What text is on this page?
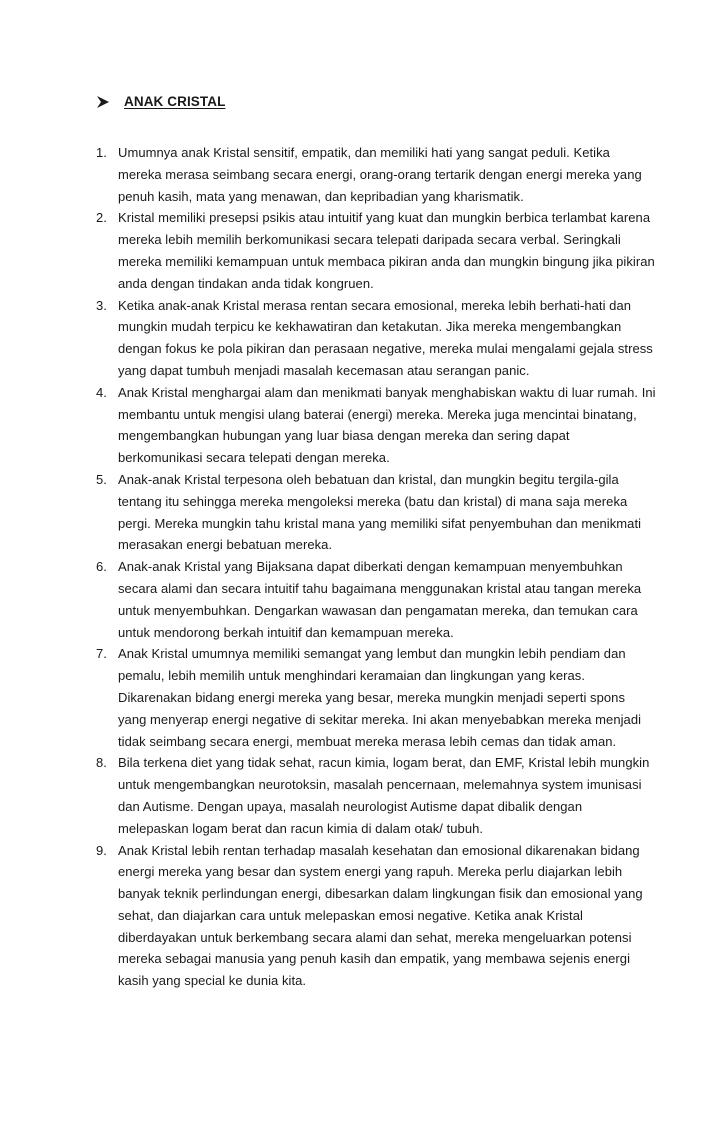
ANAK CRISTAL
1. Umumnya anak Kristal sensitif, empatik, dan memiliki hati yang sangat peduli. Ketika mereka merasa seimbang secara energi, orang-orang tertarik dengan energi mereka yang penuh kasih, mata yang menawan, dan kepribadian yang kharismatik.
2. Kristal memiliki presepsi psikis atau intuitif yang kuat dan mungkin berbica terlambat karena mereka lebih memilih berkomunikasi secara telepati daripada secara verbal. Seringkali mereka memiliki kemampuan untuk membaca pikiran anda dan mungkin bingung jika pikiran anda dengan tindakan anda tidak kongruen.
3. Ketika anak-anak Kristal merasa rentan secara emosional, mereka lebih berhati-hati dan mungkin mudah terpicu ke kekhawatiran dan ketakutan. Jika mereka mengembangkan dengan fokus ke pola pikiran dan perasaan negative, mereka mulai mengalami gejala stress yang dapat tumbuh menjadi masalah kecemasan atau serangan panic.
4. Anak Kristal menghargai alam dan menikmati banyak menghabiskan waktu di luar rumah. Ini membantu untuk mengisi ulang baterai (energi) mereka. Mereka juga mencintai binatang, mengembangkan hubungan yang luar biasa dengan mereka dan sering dapat berkomunikasi secara telepati dengan mereka.
5. Anak-anak Kristal terpesona oleh bebatuan dan kristal, dan mungkin begitu tergila-gila tentang itu sehingga mereka mengoleksi mereka (batu dan kristal) di mana saja mereka pergi. Mereka mungkin tahu kristal mana yang memiliki sifat penyembuhan dan menikmati merasakan energi bebatuan mereka.
6. Anak-anak Kristal yang Bijaksana dapat diberkati dengan kemampuan menyembuhkan secara alami dan secara intuitif tahu bagaimana menggunakan kristal atau tangan mereka untuk menyembuhkan. Dengarkan wawasan dan pengamatan mereka, dan temukan cara untuk mendorong berkah intuitif dan kemampuan mereka.
7. Anak Kristal umumnya memiliki semangat yang lembut dan mungkin lebih pendiam dan pemalu, lebih memilih untuk menghindari keramaian dan lingkungan yang keras. Dikarenakan bidang energi mereka yang besar, mereka mungkin menjadi seperti spons yang menyerap energi negative di sekitar mereka. Ini akan menyebabkan mereka menjadi tidak seimbang secara energi, membuat mereka merasa lebih cemas dan tidak aman.
8. Bila terkena diet yang tidak sehat, racun kimia, logam berat, dan EMF, Kristal lebih mungkin untuk mengembangkan neurotoksin, masalah pencernaan, melemahnya system imunisasi dan Autisme. Dengan upaya, masalah neurologist Autisme dapat dibalik dengan melepaskan logam berat dan racun kimia di dalam otak/ tubuh.
9. Anak Kristal lebih rentan terhadap masalah kesehatan dan emosional dikarenakan bidang energi mereka yang besar dan system energi yang rapuh. Mereka perlu diajarkan lebih banyak teknik perlindungan energi, dibesarkan dalam lingkungan fisik dan emosional yang sehat, dan diajarkan cara untuk melepaskan emosi negative. Ketika anak Kristal diberdayakan untuk berkembang secara alami dan sehat, mereka mengeluarkan potensi mereka sebagai manusia yang penuh kasih dan empatik, yang membawa sejenis energi kasih yang special ke dunia kita.
